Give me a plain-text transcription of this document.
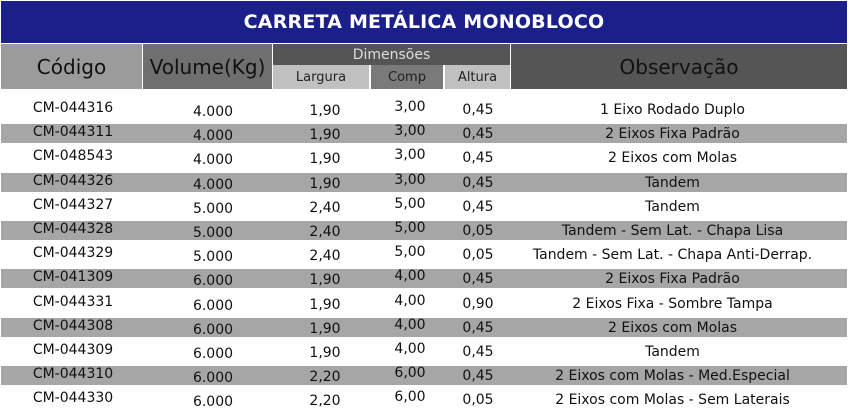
CARRETA METÁLICA MONOBLOCO
Código	Volume(Kg)	Dimensões
Largura	Comp	Altura	Observação
CM-044316	4.000	1,90	3,00	0,45	1 Eixo Rodado Duplo
CM-044311	4.000	1,90	3,00	0,45	2 Eixos Fixa Padrão
CM-048543	4.000	1,90	3,00	0,45	2 Eixos com Molas
CM-044326	4.000	1,90	3,00	0,45	Tandem
CM-044327	5.000	2,40	5,00	0,45	Tandem
CM-044328	5.000	2,40	5,00	0,05	Tandem - Sem Lat. - Chapa Lisa
CM-044329	5.000	2,40	5,00	0,05	Tandem - Sem Lat. - Chapa Anti-Derrap.
CM-041309	6.000	1,90	4,00	0,45	2 Eixos Fixa Padrão
CM-044331	6.000	1,90	4,00	0,90	2 Eixos Fixa - Sombre Tampa
CM-044308	6.000	1,90	4,00	0,45	2 Eixos com Molas
CM-044309	6.000	1,90	4,00	0,45	Tandem
CM-044310	6.000	2,20	6,00	0,45	2 Eixos com Molas - Med.Especial
CM-044330	6.000	2,20	6,00	0,05	2 Eixos com Molas - Sem Laterais
